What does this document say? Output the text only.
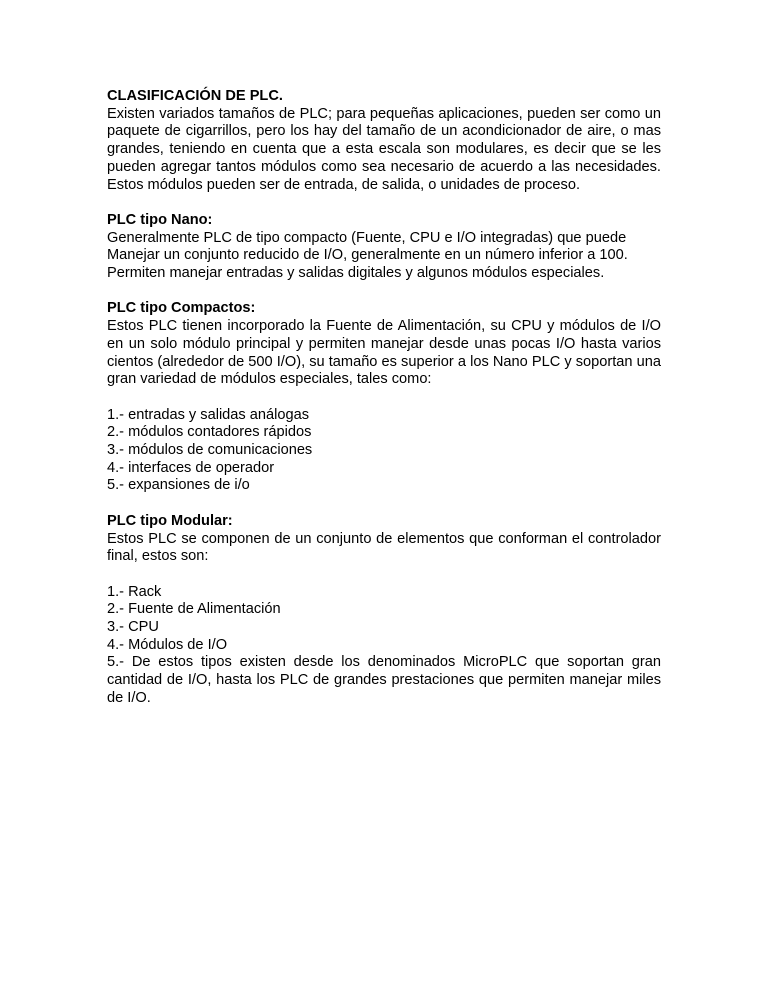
CLASIFICACIÓN DE PLC.

Existen variados tamaños de PLC; para pequeñas aplicaciones, pueden ser como un paquete de cigarrillos, pero los hay del tamaño de un acondicionador de aire, o mas grandes, teniendo en cuenta que a esta escala son modulares, es decir que se les pueden agregar tantos módulos como sea necesario de acuerdo a las necesidades. Estos módulos pueden ser de entrada, de salida, o unidades de proceso.

PLC tipo Nano:

Generalmente PLC de tipo compacto (Fuente, CPU e I/O integradas) que puede

Manejar un conjunto reducido de I/O, generalmente en un número inferior a 100.

Permiten manejar entradas y salidas digitales y algunos módulos especiales.

PLC tipo Compactos:

Estos PLC tienen incorporado la Fuente de Alimentación, su CPU y módulos de I/O en un solo módulo principal y permiten manejar desde unas pocas I/O hasta varios cientos (alrededor de 500 I/O), su tamaño es superior a los Nano PLC y soportan una gran variedad de módulos especiales, tales como:

1.- entradas y salidas análogas
2.- módulos contadores rápidos
3.- módulos de comunicaciones
4.- interfaces de operador
5.- expansiones de i/o

PLC tipo Modular:

Estos PLC se componen de un conjunto de elementos que conforman el controlador final, estos son:

1.- Rack
2.- Fuente de Alimentación
3.- CPU
4.- Módulos de I/O

5.- De estos tipos existen desde los denominados MicroPLC que soportan gran cantidad de I/O, hasta los PLC de grandes prestaciones que permiten manejar miles de I/O.
